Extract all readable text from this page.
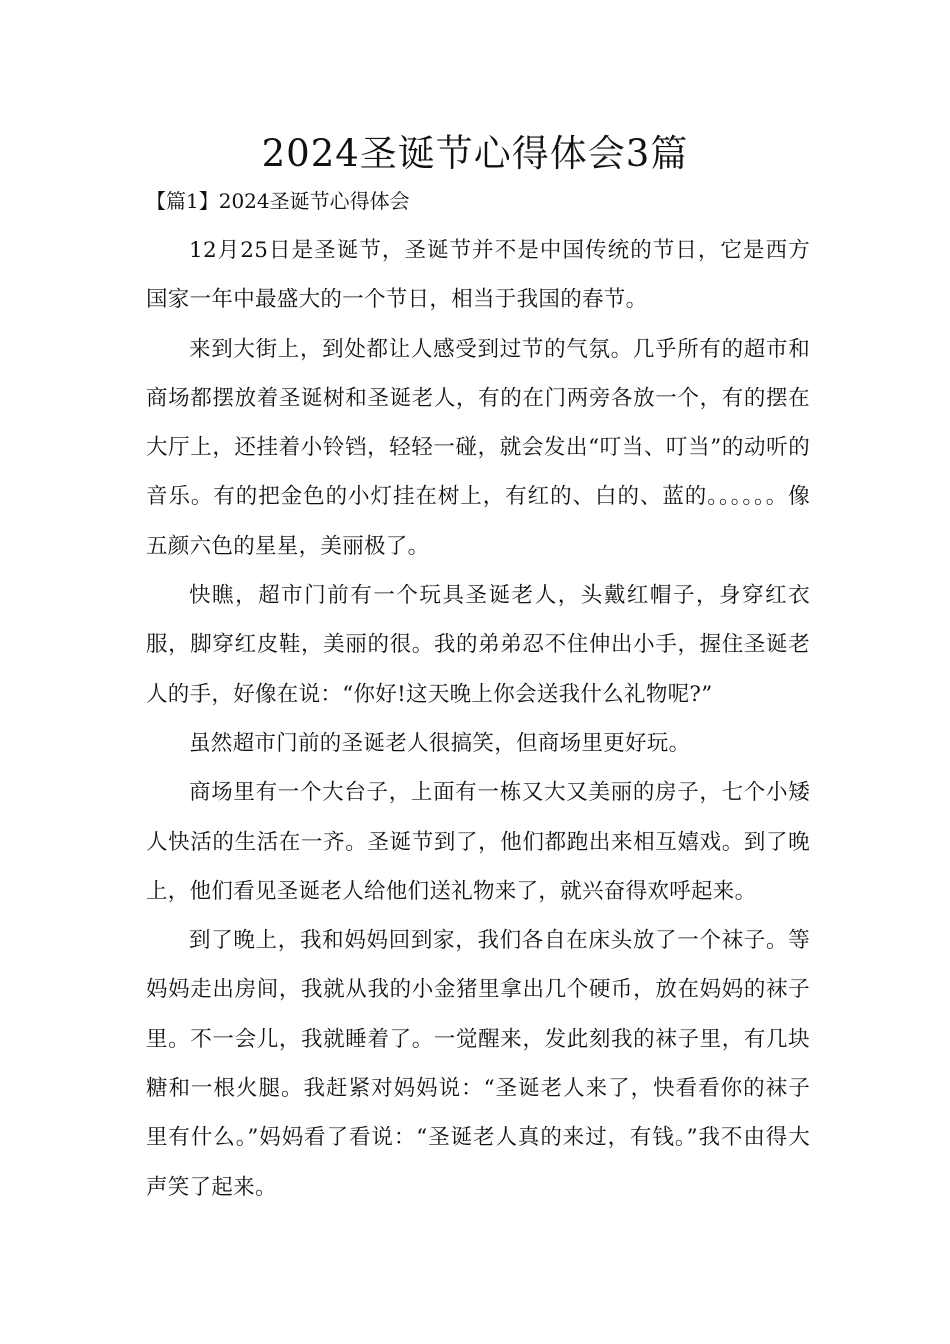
2024圣诞节心得体会3篇
【篇1】2024圣诞节心得体会

12月25日是圣诞节，圣诞节并不是中国传统的节日，它是西方国家一年中最盛大的一个节日，相当于我国的春节。

来到大街上，到处都让人感受到过节的气氛。几乎所有的超市和商场都摆放着圣诞树和圣诞老人，有的在门两旁各放一个，有的摆在大厅上，还挂着小铃铛，轻轻一碰，就会发出“叮当、叮当”的动听的音乐。有的把金色的小灯挂在树上，有红的、白的、蓝的。。。。。。像五颜六色的星星，美丽极了。

快瞧，超市门前有一个玩具圣诞老人，头戴红帽子，身穿红衣服，脚穿红皮鞋，美丽的很。我的弟弟忍不住伸出小手，握住圣诞老人的手，好像在说：“你好!这天晚上你会送我什么礼物呢?”

虽然超市门前的圣诞老人很搞笑，但商场里更好玩。

商场里有一个大台子，上面有一栋又大又美丽的房子，七个小矮人快活的生活在一齐。圣诞节到了，他们都跑出来相互嬉戏。到了晚上，他们看见圣诞老人给他们送礼物来了，就兴奋得欢呼起来。

到了晚上，我和妈妈回到家，我们各自在床头放了一个袜子。等妈妈走出房间，我就从我的小金猪里拿出几个硬币，放在妈妈的袜子里。不一会儿，我就睡着了。一觉醒来，发此刻我的袜子里，有几块糖和一根火腿。我赶紧对妈妈说：“圣诞老人来了，快看看你的袜子里有什么。”妈妈看了看说：“圣诞老人真的来过，有钱。”我不由得大声笑了起来。
